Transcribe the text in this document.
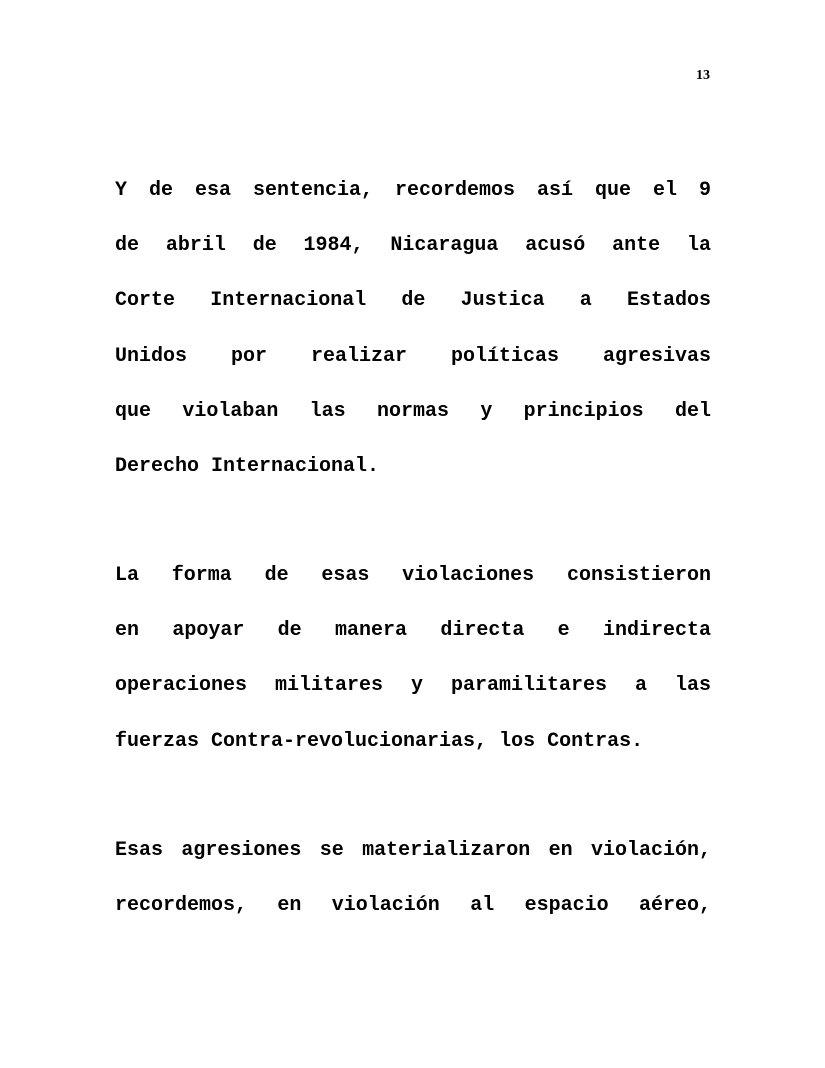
13
Y de esa sentencia, recordemos así que el 9
de abril de 1984, Nicaragua acusó ante la
Corte Internacional de Justica a Estados
Unidos por realizar políticas agresivas
que violaban las normas y principios del
Derecho Internacional.
La forma de esas violaciones consistieron
en apoyar de manera directa e indirecta
operaciones militares y paramilitares a las
fuerzas Contra-revolucionarias, los Contras.
Esas agresiones se materializaron en violación,
recordemos, en violación al espacio aéreo,
